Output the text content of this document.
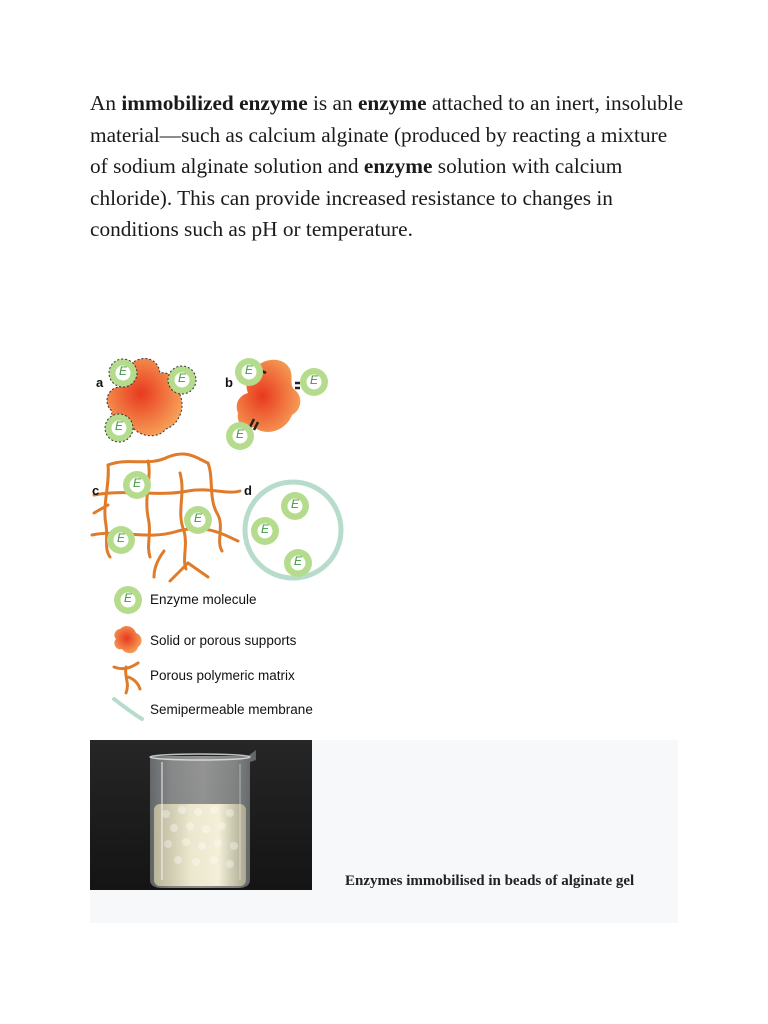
An immobilized enzyme is an enzyme attached to an inert, insoluble material—such as calcium alginate (produced by reacting a mixture of sodium alginate solution and enzyme solution with calcium chloride). This can provide increased resistance to changes in conditions such as pH or temperature.

E	E
E
E
E
E
E
E
E
E
E
E
E
a	b
c	d
Enzyme molecule
Solid or porous supports
Porous polymeric matrix
Semipermeable membrane
Enzymes immobilised in beads of alginate gel
